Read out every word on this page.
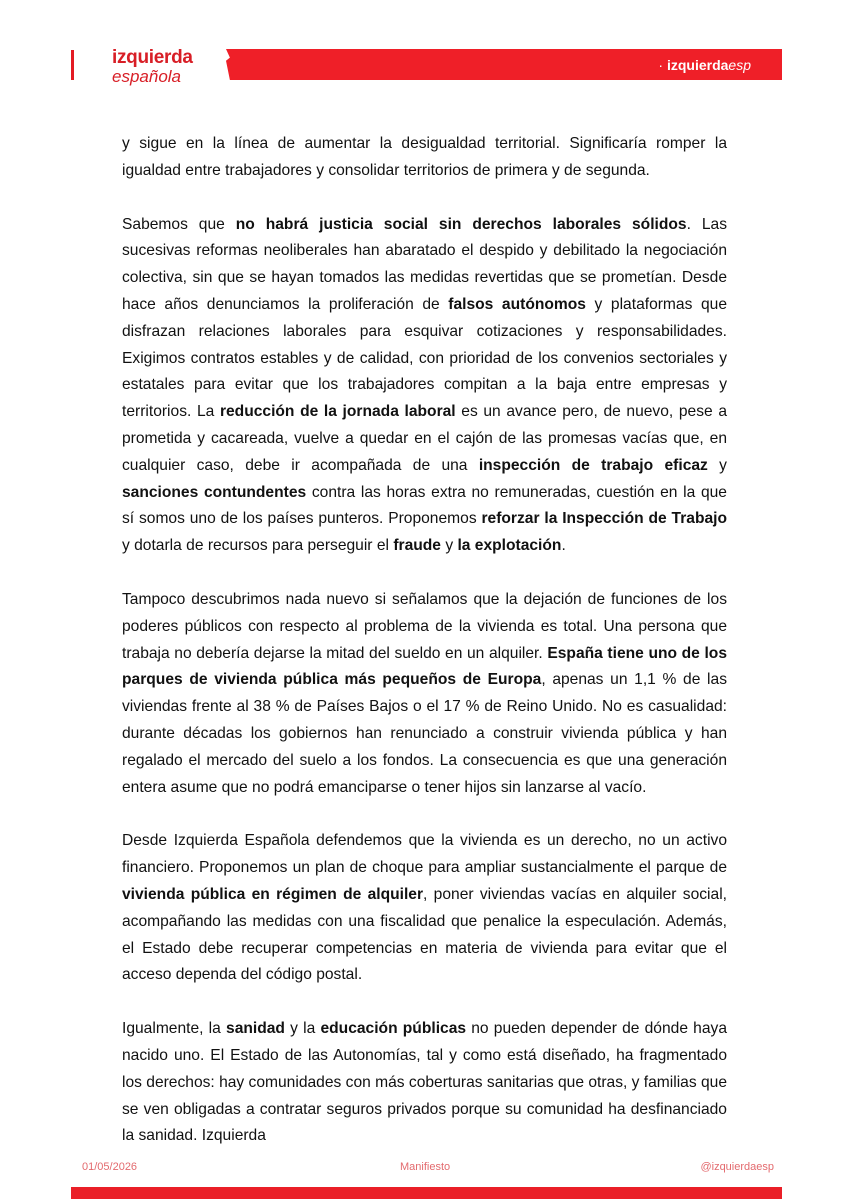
izquierda
española
· izquierdaesp

y sigue en la línea de aumentar la desigualdad territorial. Significaría romper la igualdad entre trabajadores y consolidar territorios de primera y de segunda.

Sabemos que no habrá justicia social sin derechos laborales sólidos. Las sucesivas reformas neoliberales han abaratado el despido y debilitado la negociación colectiva, sin que se hayan tomados las medidas revertidas que se prometían. Desde hace años denunciamos la proliferación de falsos autónomos y plataformas que disfrazan relaciones laborales para esquivar cotizaciones y responsabilidades. Exigimos contratos estables y de calidad, con prioridad de los convenios sectoriales y estatales para evitar que los trabajadores compitan a la baja entre empresas y territorios. La reducción de la jornada laboral es un avance pero, de nuevo, pese a prometida y cacareada, vuelve a quedar en el cajón de las promesas vacías que, en cualquier caso, debe ir acompañada de una inspección de trabajo eficaz y sanciones contundentes contra las horas extra no remuneradas, cuestión en la que sí somos uno de los países punteros. Proponemos reforzar la Inspección de Trabajo y dotarla de recursos para perseguir el fraude y la explotación.

Tampoco descubrimos nada nuevo si señalamos que la dejación de funciones de los poderes públicos con respecto al problema de la vivienda es total. Una persona que trabaja no debería dejarse la mitad del sueldo en un alquiler. España tiene uno de los parques de vivienda pública más pequeños de Europa, apenas un 1,1 % de las viviendas frente al 38 % de Países Bajos o el 17 % de Reino Unido. No es casualidad: durante décadas los gobiernos han renunciado a construir vivienda pública y han regalado el mercado del suelo a los fondos. La consecuencia es que una generación entera asume que no podrá emanciparse o tener hijos sin lanzarse al vacío.

Desde Izquierda Española defendemos que la vivienda es un derecho, no un activo financiero. Proponemos un plan de choque para ampliar sustancialmente el parque de vivienda pública en régimen de alquiler, poner viviendas vacías en alquiler social, acompañando las medidas con una fiscalidad que penalice la especulación. Además, el Estado debe recuperar competencias en materia de vivienda para evitar que el acceso dependa del código postal.

Igualmente, la sanidad y la educación públicas no pueden depender de dónde haya nacido uno. El Estado de las Autonomías, tal y como está diseñado, ha fragmentado los derechos: hay comunidades con más coberturas sanitarias que otras, y familias que se ven obligadas a contratar seguros privados porque su comunidad ha desfinanciado la sanidad. Izquierda

01/05/2026	Manifiesto	@izquierdaesp
